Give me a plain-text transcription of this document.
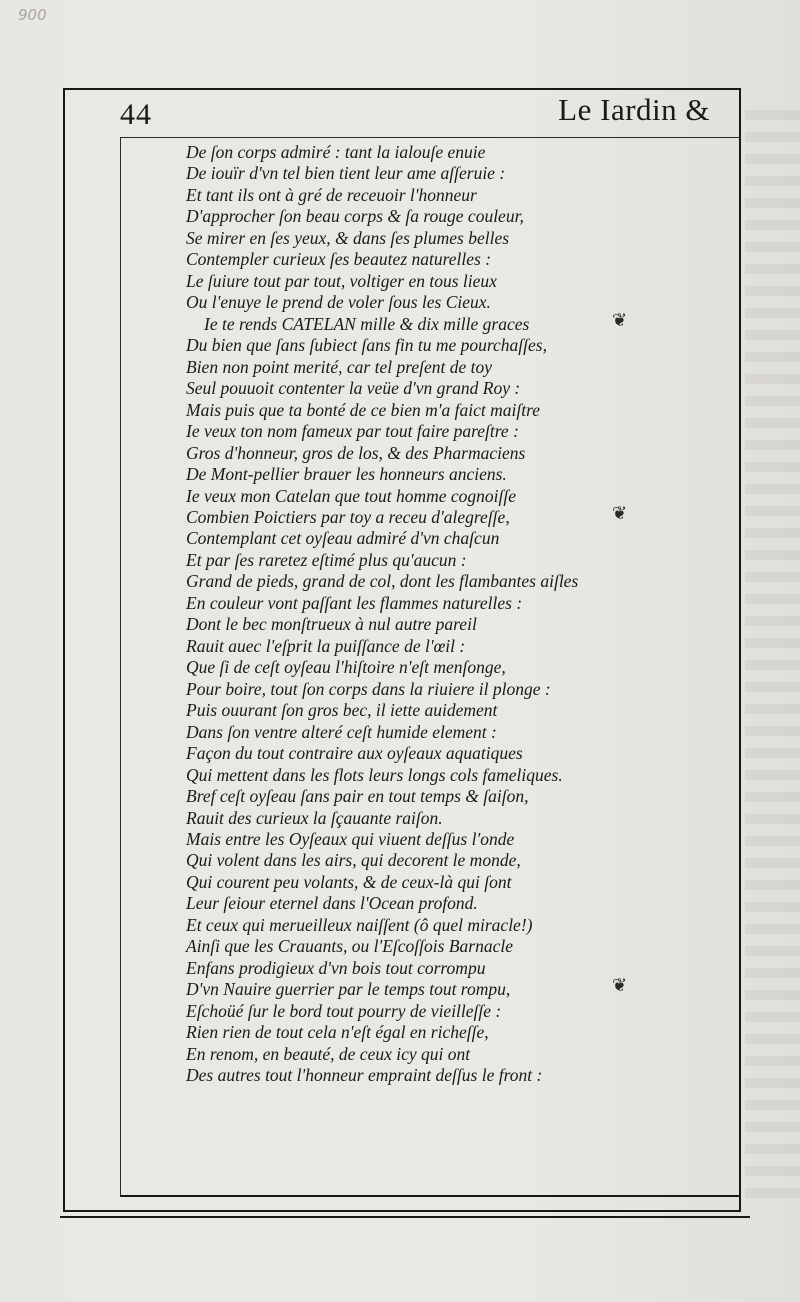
900
44	Le Iardin &
De ſon corps admiré : tant la ialouſe enuie
De iouïr d'vn tel bien tient leur ame aſſeruie :
Et tant ils ont à gré de receuoir l'honneur
D'approcher ſon beau corps & ſa rouge couleur,
Se mirer en ſes yeux, & dans ſes plumes belles
Contempler curieux ſes beautez naturelles :
Le ſuiure tout par tout, voltiger en tous lieux
Ou l'enuye le prend de voler ſous les Cieux.
Ie te rends CATELAN mille & dix mille graces
Du bien que ſans ſubiect ſans fin tu me pourchaſſes,
Bien non point merité, car tel preſent de toy
Seul pouuoit contenter la veüe d'vn grand Roy :
Mais puis que ta bonté de ce bien m'a faict maiſtre
Ie veux ton nom fameux par tout faire pareſtre :
Gros d'honneur, gros de los, & des Pharmaciens
De Mont-pellier brauer les honneurs anciens.
Ie veux mon Catelan que tout homme cognoiſſe
Combien Poictiers par toy a receu d'alegreſſe,
Contemplant cet oyſeau admiré d'vn chaſcun
Et par ſes raretez eſtimé plus qu'aucun :
Grand de pieds, grand de col, dont les flambantes aiſles
En couleur vont paſſant les flammes naturelles :
Dont le bec monſtrueux à nul autre pareil
Rauit auec l'eſprit la puiſſance de l'œil :
Que ſi de ceſt oyſeau l'hiſtoire n'eſt menſonge,
Pour boire, tout ſon corps dans la riuiere il plonge :
Puis ouurant ſon gros bec, il iette auidement
Dans ſon ventre alteré ceſt humide element :
Façon du tout contraire aux oyſeaux aquatiques
Qui mettent dans les flots leurs longs cols fameliques.
Bref ceſt oyſeau ſans pair en tout temps & ſaiſon,
Rauit des curieux la ſçauante raiſon.
Mais entre les Oyſeaux qui viuent deſſus l'onde
Qui volent dans les airs, qui decorent le monde,
Qui courent peu volants, & de ceux-là qui ſont
Leur ſeiour eternel dans l'Ocean profond.
Et ceux qui merueilleux naiſſent (ô quel miracle!)
Ainſi que les Crauants, ou l'Eſcoſſois Barnacle
Enfans prodigieux d'vn bois tout corrompu
D'vn Nauire guerrier par le temps tout rompu,
Eſchoüé ſur le bord tout pourry de vieilleſſe :
Rien rien de tout cela n'eſt égal en richeſſe,
En renom, en beauté, de ceux icy qui ont
Des autres tout l'honneur empraint deſſus le front :
❦
❦
❦
